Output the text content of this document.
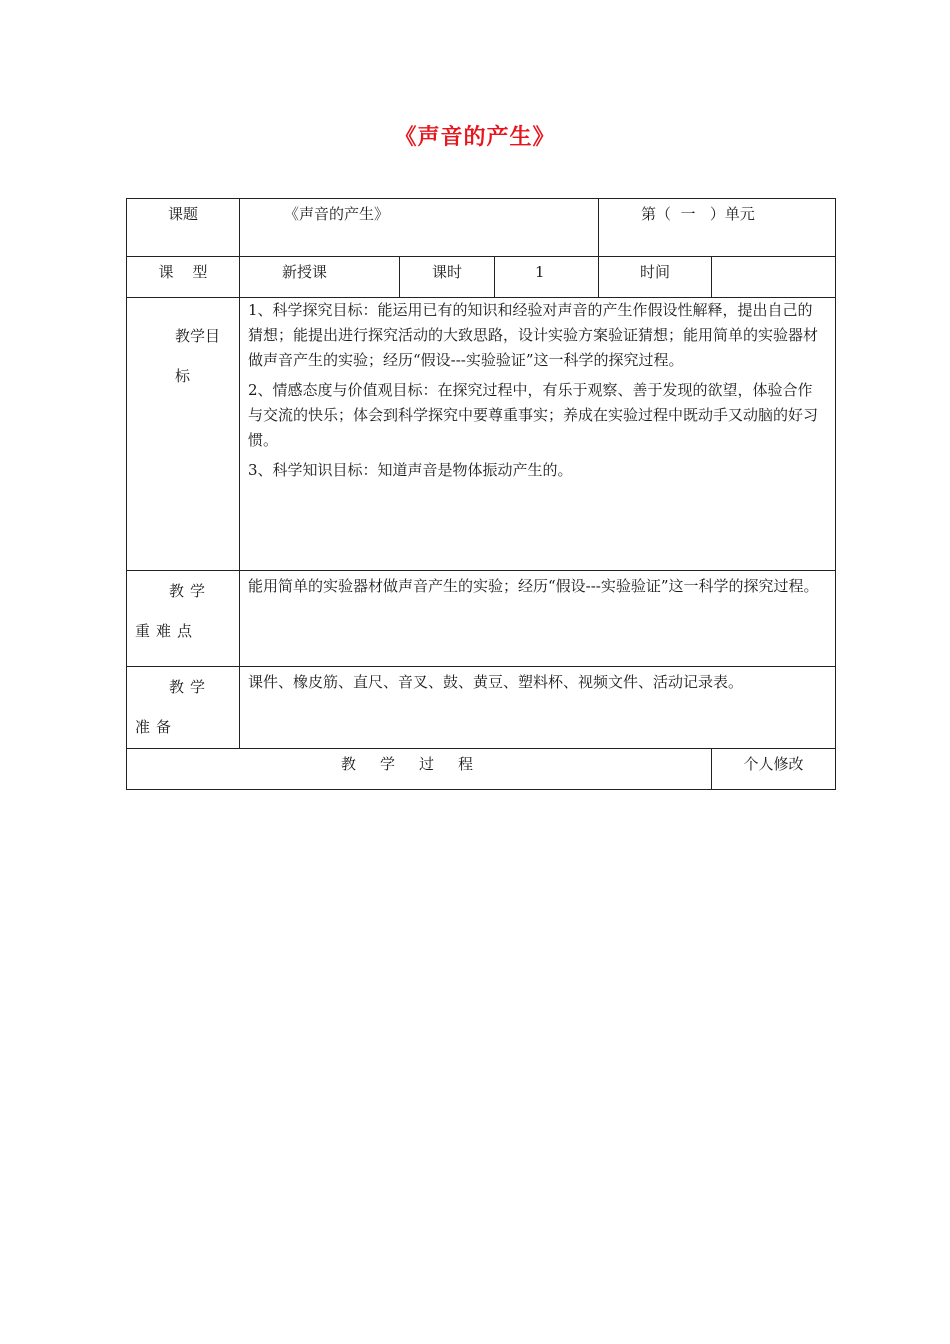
《声音的产生》
课题	《声音的产生》			第（  一   ）单元	
课    型	新授课	课时	1	时间	
教学目标	1、科学探究目标：能运用已有的知识和经验对声音的产生作假设性解释，提出自己的猜想；能提出进行探究活动的大致思路，设计实验方案验证猜想；能用简单的实验器材做声音产生的实验；经历“假设---实验验证”这一科学的探究过程。

2、情感态度与价值观目标：在探究过程中，有乐于观察、善于发现的欲望，体验合作与交流的快乐；体会到科学探究中要尊重事实；养成在实验过程中既动手又动脑的好习惯。

3、科学知识目标：知道声音是物体振动产生的。				

教学重难点	能用简单的实验器材做声音产生的实验；经历“假设---实验验证”这一科学的探究过程。				
教学准备	课件、橡皮筋、直尺、音叉、鼓、黄豆、塑料杯、视频文件、活动记录表。				
教学过程					个人修改
